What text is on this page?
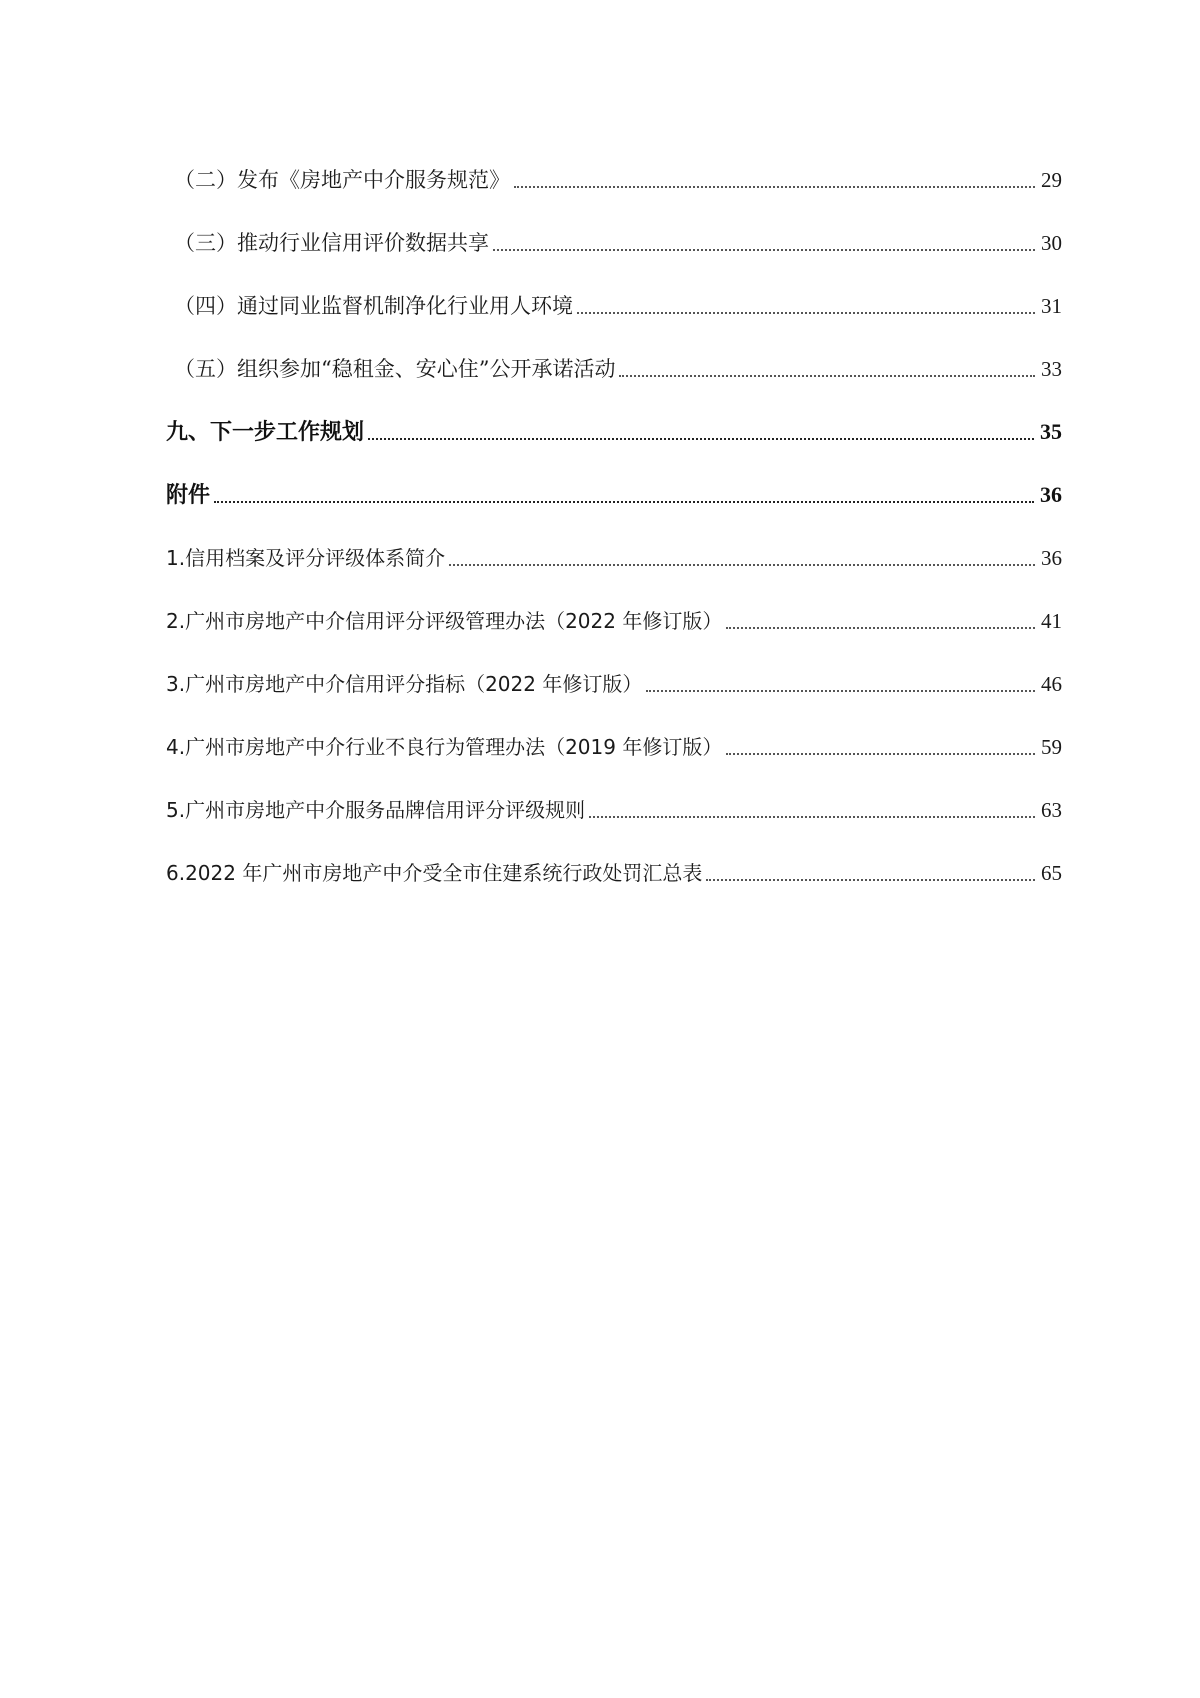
（二）发布《房地产中介服务规范》	29
（三）推动行业信用评价数据共享	30
（四）通过同业监督机制净化行业用人环境	31
（五）组织参加“稳租金、安心住”公开承诺活动	33
九、下一步工作规划	35
附件	36
1.信用档案及评分评级体系简介	36
2.广州市房地产中介信用评分评级管理办法（2022 年修订版）	41
3.广州市房地产中介信用评分指标（2022 年修订版）	46
4.广州市房地产中介行业不良行为管理办法（2019 年修订版）	59
5.广州市房地产中介服务品牌信用评分评级规则	63
6.2022 年广州市房地产中介受全市住建系统行政处罚汇总表	65
